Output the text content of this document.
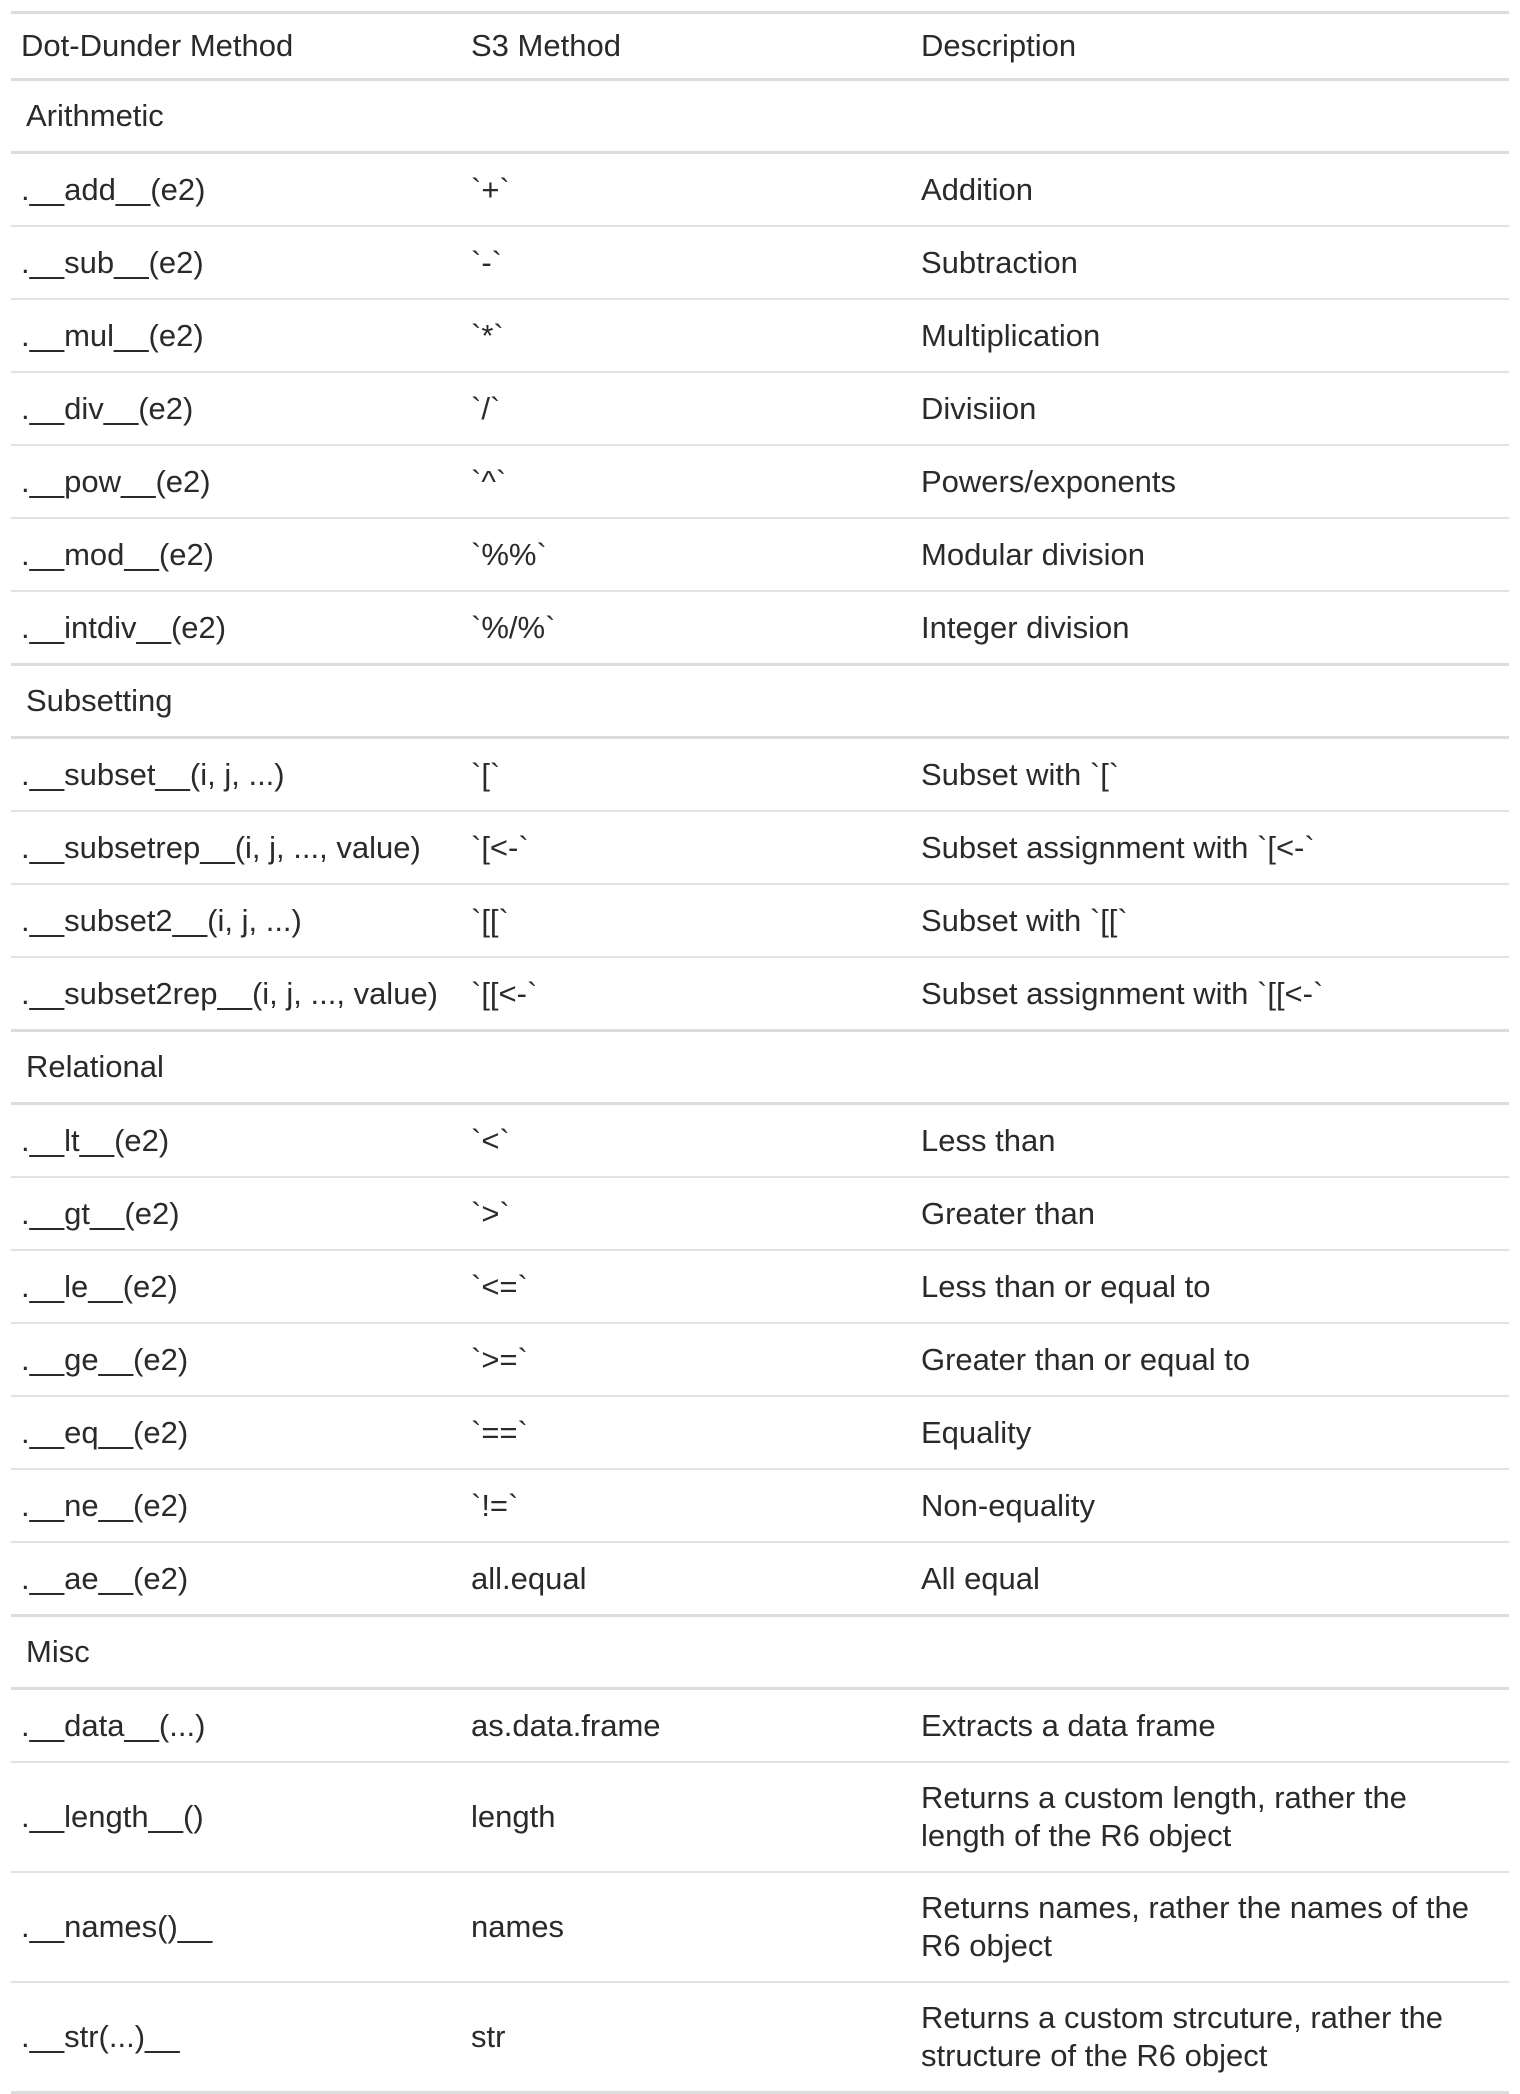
Dot-Dunder Method	S3 Method	Description
Arithmetic		
.__add__(e2)	`+`	Addition
.__sub__(e2)	`-`	Subtraction
.__mul__(e2)	`*`	Multiplication
.__div__(e2)	`/`	Divisiion
.__pow__(e2)	`^`	Powers/exponents
.__mod__(e2)	`%%`	Modular division
.__intdiv__(e2)	`%/%`	Integer division
Subsetting		
.__subset__(i, j, ...)	`[`	Subset with `[`
.__subsetrep__(i, j, ..., value)	`[<-`	Subset assignment with `[<-`
.__subset2__(i, j, ...)	`[[`	Subset with `[[`
.__subset2rep__(i, j, ..., value)	`[[<-`	Subset assignment with `[[<-`
Relational		
.__lt__(e2)	`<`	Less than
.__gt__(e2)	`>`	Greater than
.__le__(e2)	`<=`	Less than or equal to
.__ge__(e2)	`>=`	Greater than or equal to
.__eq__(e2)	`==`	Equality
.__ne__(e2)	`!=`	Non-equality
.__ae__(e2)	all.equal	All equal
Misc		
.__data__(...)	as.data.frame	Extracts a data frame
.__length__()	length	Returns a custom length, rather the length of the R6 object
.__names()__	names	Returns names, rather the names of the R6 object
.__str(...)__	str	Returns a custom strcuture, rather the structure of the R6 object
